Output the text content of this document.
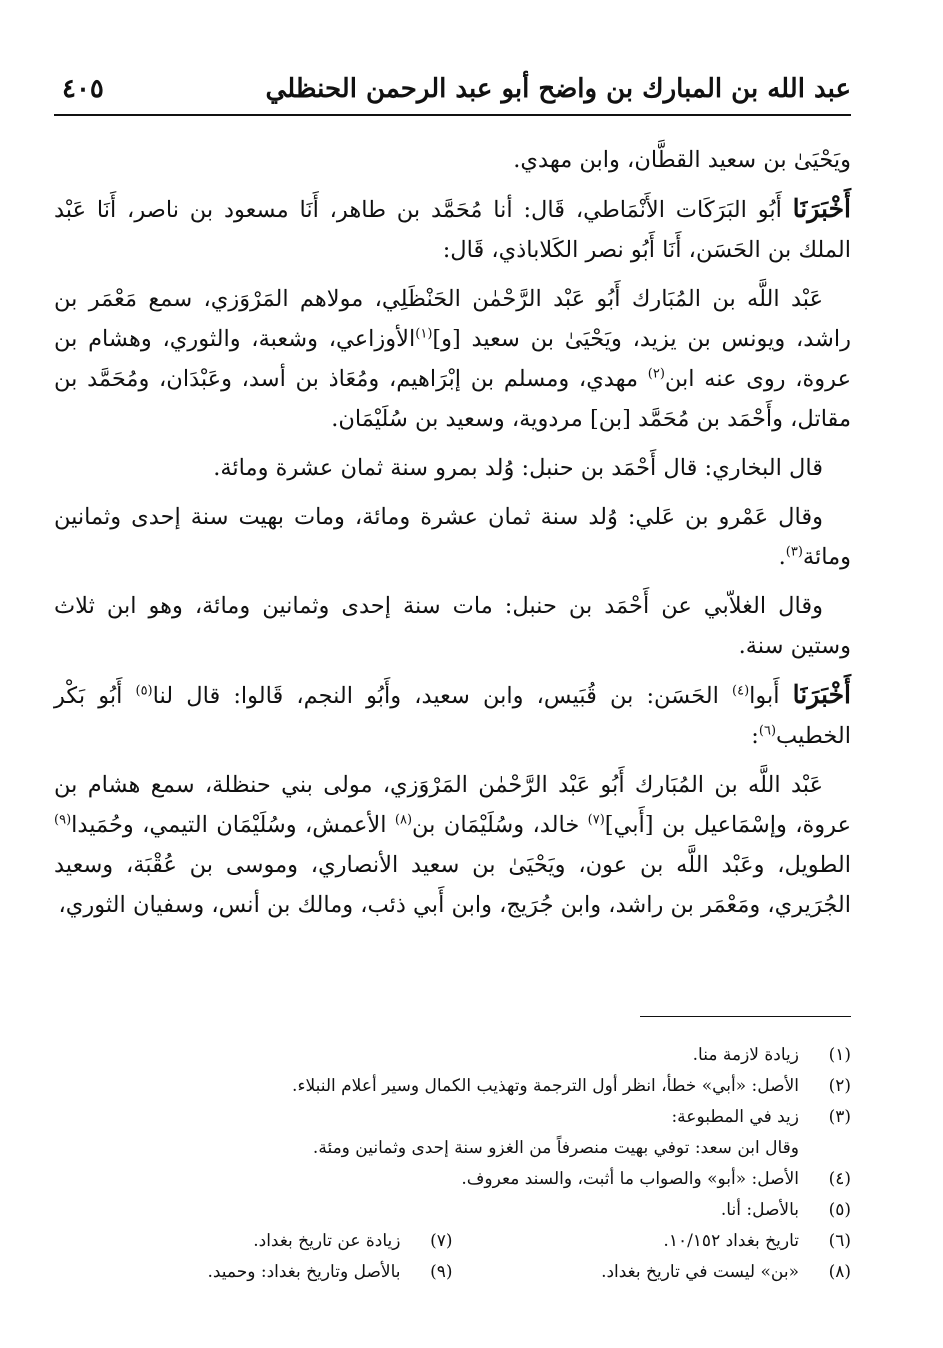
عبد الله بن المبارك بن واضح أبو عبد الرحمن الحنظلي
٤٠٥

ويَحْيَىٰ بن سعيد القطَّان، وابن مهدي.

أَخْبَرَنَا أَبُو البَرَكَات الأَنْمَاطي، قَال: أنا مُحَمَّد بن طاهر، أَنَا مسعود بن ناصر، أَنَا عَبْد الملك بن الحَسَن، أَنَا أَبُو نصر الكَلاباذي، قَال:

عَبْد اللَّه بن المُبَارك أَبُو عَبْد الرَّحْمٰن الحَنْظَلِي، مولاهم المَرْوَزي، سمع مَعْمَر بن راشد، ويونس بن يزيد، ويَحْيَىٰ بن سعيد [و]$^{(١)}$الأوزاعي، وشعبة، والثوري، وهشام بن عروة، روى عنه ابن$^{(٢)}$ مهدي، ومسلم بن إبْرَاهيم، ومُعَاذ بن أسد، وعَبْدَان، ومُحَمَّد بن مقاتل، وأَحْمَد بن مُحَمَّد [بن] مردوية، وسعيد بن سُلَيْمَان.

قال البخاري: قال أَحْمَد بن حنبل: وُلد بمرو سنة ثمان عشرة ومائة.

وقال عَمْرو بن عَلي: وُلد سنة ثمان عشرة ومائة، ومات بهيت سنة إحدى وثمانين ومائة$^{(٣)}$.

وقال الغلاّبي عن أَحْمَد بن حنبل: مات سنة إحدى وثمانين ومائة، وهو ابن ثلاث وستين سنة.

أَخْبَرَنَا أَبوا$^{(٤)}$ الحَسَن: بن قُبَيس، وابن سعيد، وأَبُو النجم، قَالوا: قال لنا$^{(٥)}$ أَبُو بَكْر الخطيب$^{(٦)}$:

عَبْد اللَّه بن المُبَارك أَبُو عَبْد الرَّحْمٰن المَرْوَزي، مولى بني حنظلة، سمع هشام بن عروة، وإسْمَاعيل بن [أَبي]$^{(٧)}$ خالد، وسُلَيْمَان بن$^{(٨)}$ الأعمش، وسُلَيْمَان التيمي، وحُمَيدا$^{(٩)}$ الطويل، وعَبْد اللَّه بن عون، ويَحْيَىٰ بن سعيد الأنصاري، وموسى بن عُقْبَة، وسعيد الجُرَيري، ومَعْمَر بن راشد، وابن جُرَيج، وابن أَبي ذئب، ومالك بن أنس، وسفيان الثوري،

(١)
زيادة لازمة منا.
(٢)
الأصل: «أبي» خطأ، انظر أول الترجمة وتهذيب الكمال وسير أعلام النبلاء.
(٣)
زيد في المطبوعة:
وقال ابن سعد: توفي بهيت منصرفاً من الغزو سنة إحدى وثمانين ومئة.
(٤)
الأصل: «أبو» والصواب ما أثبت، والسند معروف.
(٥)
بالأصل: أنا.
(٦)
تاريخ بغداد ١٠/١٥٢.
(٨)
«بن» ليست في تاريخ بغداد.
(٧)
زيادة عن تاريخ بغداد.
(٩)
بالأصل وتاريخ بغداد: وحميد.
